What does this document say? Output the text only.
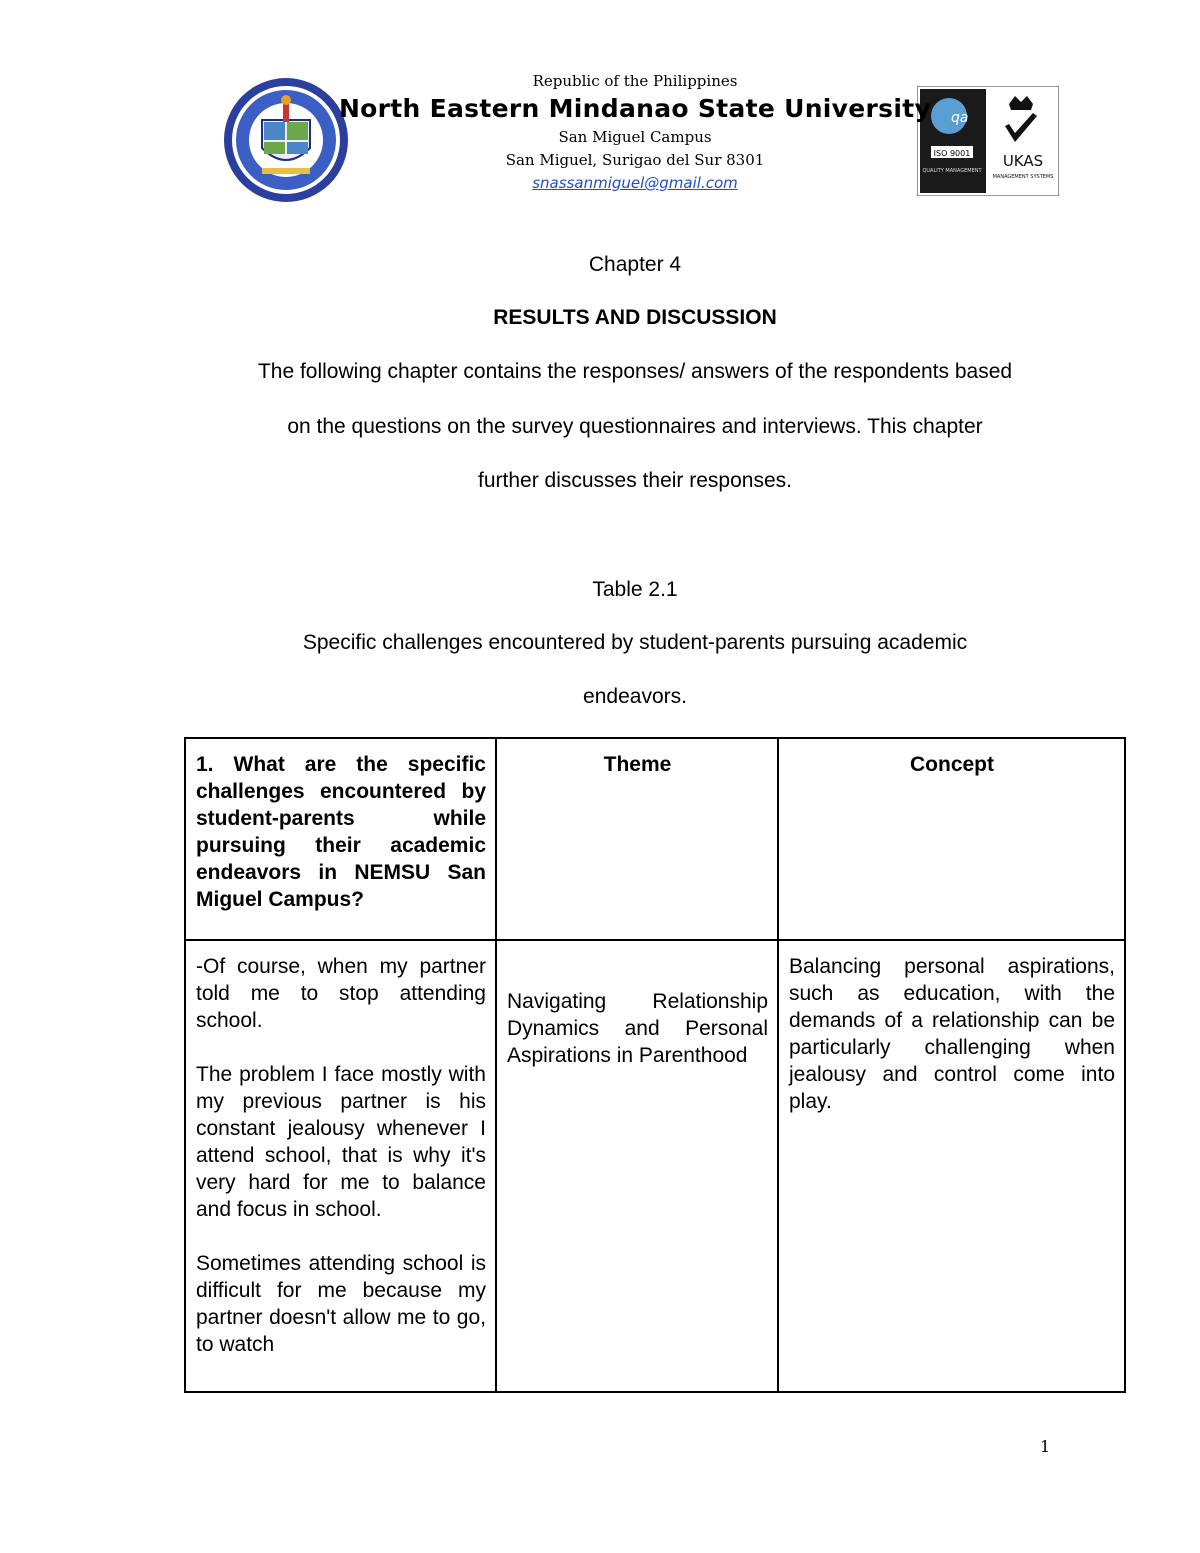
qa
ISO 9001
QUALITY MANAGEMENT
UKAS
MANAGEMENT SYSTEMS
Republic of the Philippines
North Eastern Mindanao State University
San Miguel Campus
San Miguel, Surigao del Sur 8301
snassanmiguel@gmail.com
Chapter 4
RESULTS AND DISCUSSION
The following chapter contains the responses/ answers of the respondents based
on the questions on the survey questionnaires and interviews. This chapter
further discusses their responses.
Table 2.1
Specific challenges encountered by student-parents pursuing academic
endeavors.
1. What are the specific challenges encountered by student-parents while pursuing their academic endeavors in NEMSU San Miguel Campus?	Theme	Concept

-Of course, when my partner told me to stop attending school.

The problem I face mostly with my previous partner is his constant jealousy whenever I attend school, that is why it's very hard for me to balance and focus in school.

Sometimes attending school is difficult for me because my partner doesn't allow me to go, to watch	Navigating Relationship Dynamics and Personal Aspirations in Parenthood	Balancing personal aspirations, such as education, with the demands of a relationship can be particularly challenging when jealousy and control come into play.
1
